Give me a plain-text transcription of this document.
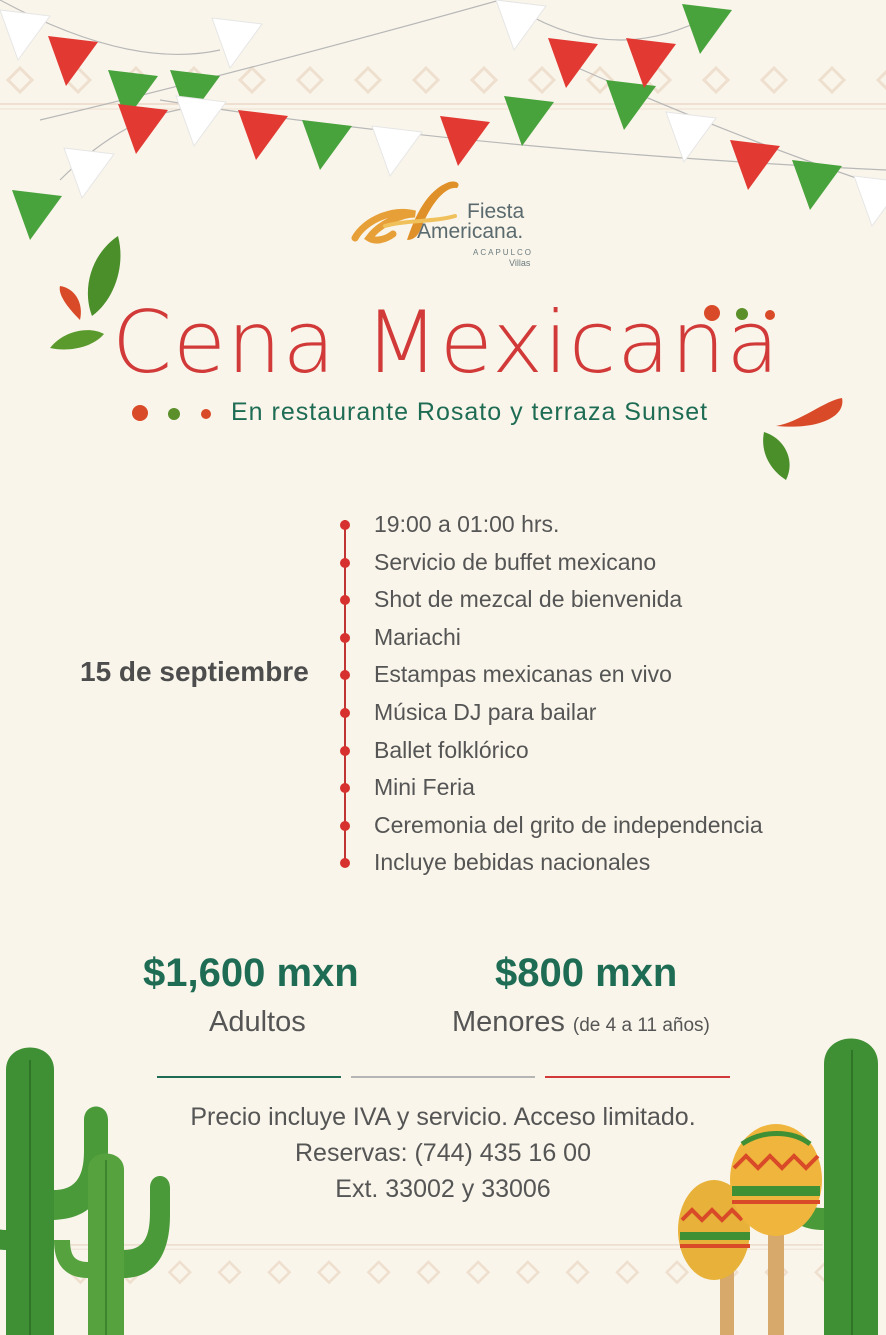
Fiesta
Americana.
ACAPULCO
Villas
Cena Mexicana
En restaurante Rosato y terraza Sunset
15 de septiembre
19:00 a 01:00 hrs.
Servicio de buffet mexicano
Shot de mezcal de bienvenida
Mariachi
Estampas mexicanas en vivo
Música DJ para bailar
Ballet folklórico
Mini Feria
Ceremonia del grito de independencia
Incluye bebidas nacionales
$1,600 mxn
Adultos
$800 mxn
Menores (de 4 a 11 años)
Precio incluye IVA y servicio. Acceso limitado.
Reservas: (744) 435 16 00
Ext. 33002 y 33006
